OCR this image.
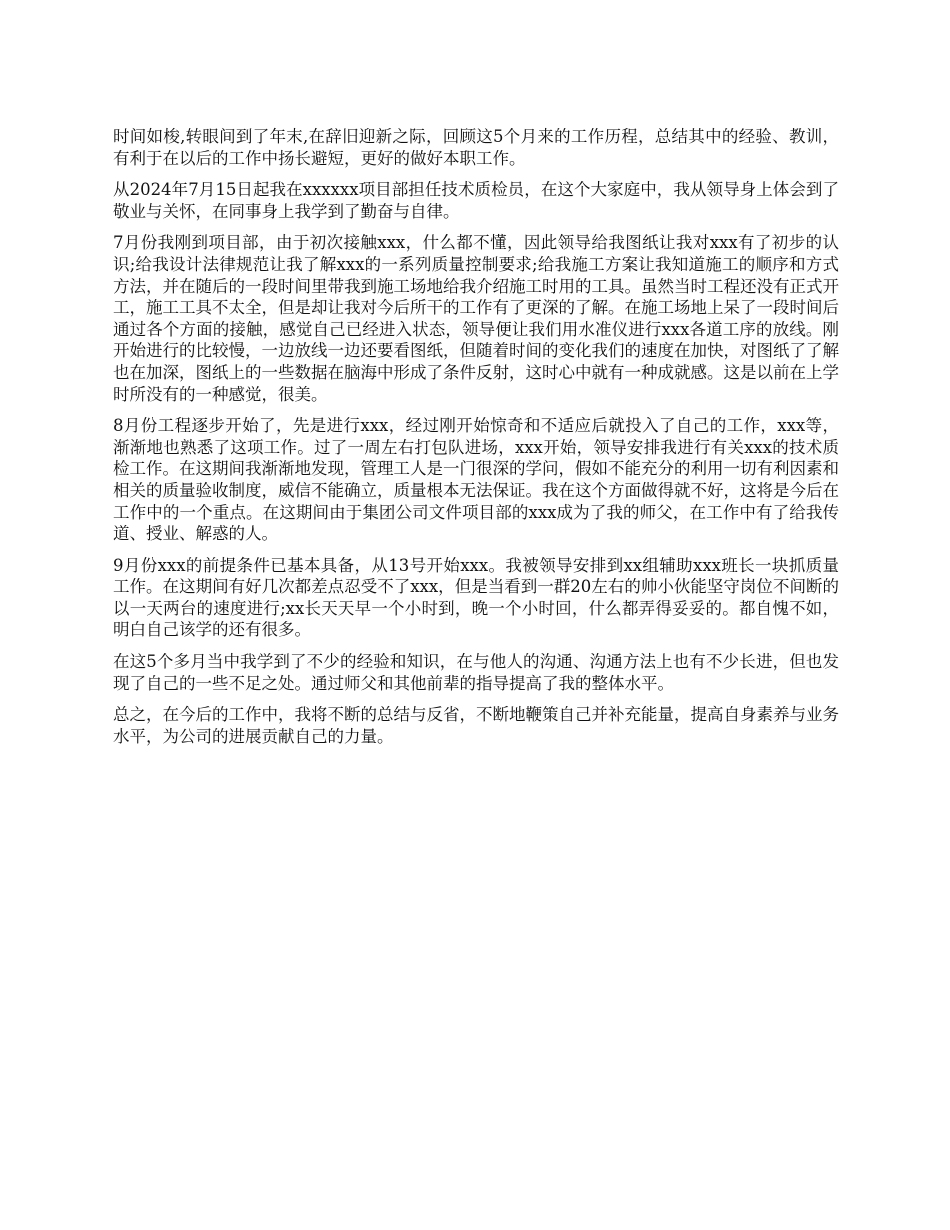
时间如梭,转眼间到了年末,在辞旧迎新之际，回顾这5个月来的工作历程，总结其中的经验、教训，有利于在以后的工作中扬长避短，更好的做好本职工作。

从2024年7月15日起我在xxxxxx项目部担任技术质检员，在这个大家庭中，我从领导身上体会到了敬业与关怀，在同事身上我学到了勤奋与自律。

7月份我刚到项目部，由于初次接触xxx，什么都不懂，因此领导给我图纸让我对xxx有了初步的认识;给我设计法律规范让我了解xxx的一系列质量控制要求;给我施工方案让我知道施工的顺序和方式方法，并在随后的一段时间里带我到施工场地给我介绍施工时用的工具。虽然当时工程还没有正式开工，施工工具不太全，但是却让我对今后所干的工作有了更深的了解。在施工场地上呆了一段时间后通过各个方面的接触，感觉自己已经进入状态，领导便让我们用水准仪进行xxx各道工序的放线。刚开始进行的比较慢，一边放线一边还要看图纸，但随着时间的变化我们的速度在加快，对图纸了了解也在加深，图纸上的一些数据在脑海中形成了条件反射，这时心中就有一种成就感。这是以前在上学时所没有的一种感觉，很美。

8月份工程逐步开始了，先是进行xxx，经过刚开始惊奇和不适应后就投入了自己的工作，xxx等，渐渐地也熟悉了这项工作。过了一周左右打包队进场，xxx开始，领导安排我进行有关xxx的技术质检工作。在这期间我渐渐地发现，管理工人是一门很深的学问，假如不能充分的利用一切有利因素和相关的质量验收制度，威信不能确立，质量根本无法保证。我在这个方面做得就不好，这将是今后在工作中的一个重点。在这期间由于集团公司文件项目部的xxx成为了我的师父，在工作中有了给我传道、授业、解惑的人。

9月份xxx的前提条件已基本具备，从13号开始xxx。我被领导安排到xx组辅助xxx班长一块抓质量工作。在这期间有好几次都差点忍受不了xxx，但是当看到一群20左右的帅小伙能坚守岗位不间断的以一天两台的速度进行;xx长天天早一个小时到，晚一个小时回，什么都弄得妥妥的。都自愧不如，明白自己该学的还有很多。

在这5个多月当中我学到了不少的经验和知识，在与他人的沟通、沟通方法上也有不少长进，但也发现了自己的一些不足之处。通过师父和其他前辈的指导提高了我的整体水平。

总之，在今后的工作中，我将不断的总结与反省，不断地鞭策自己并补充能量，提高自身素养与业务水平，为公司的进展贡献自己的力量。
